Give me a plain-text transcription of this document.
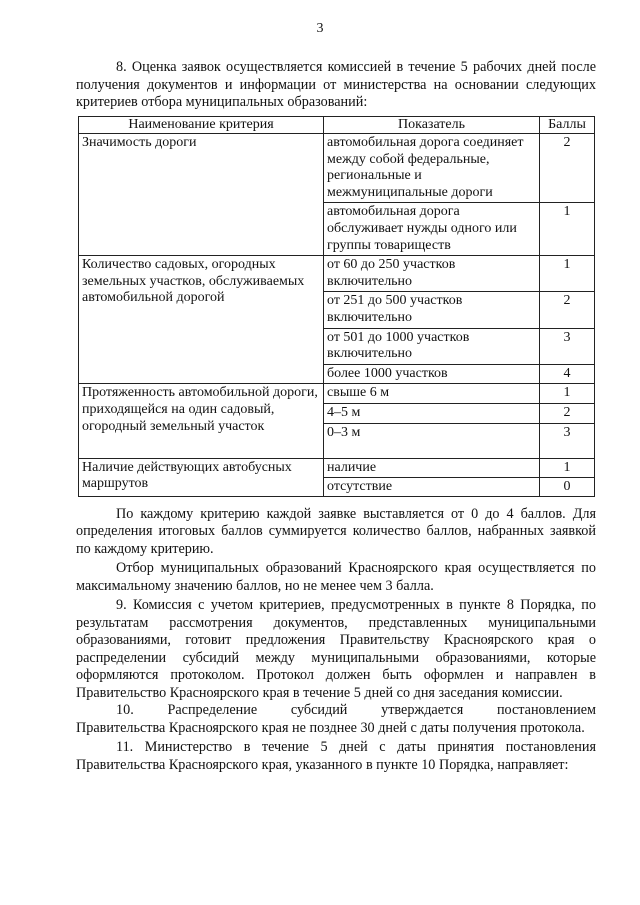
3

8. Оценка заявок осуществляется комиссией в течение 5 рабочих дней после получения документов и информации от министерства на основании следующих критериев отбора муниципальных образований:

Наименование критерия	Показатель	Баллы
Значимость дороги	автомобильная дорога соединяет между собой федеральные, региональные и межмуниципальные дороги	2
	автомобильная дорога обслуживает нужды одного или группы товариществ	1
Количество садовых, огородных земельных участков, обслуживаемых автомобильной дорогой	от 60 до 250 участков включительно	1
	от 251 до 500 участков включительно	2
	от 501 до 1000 участков включительно	3
	более 1000 участков	4
Протяженность автомобильной дороги, приходящейся на один садовый, огородный земельный участок	свыше 6 м	1
	4–5 м	2
	0–3 м	3
Наличие действующих автобусных маршрутов	наличие	1
	отсутствие	0

По каждому критерию каждой заявке выставляется от 0 до 4 баллов. Для определения итоговых баллов суммируется количество баллов, набранных заявкой по каждому критерию.

Отбор муниципальных образований Красноярского края осуществляется по максимальному значению баллов, но не менее чем 3 балла.

9. Комиссия с учетом критериев, предусмотренных в пункте 8 Порядка, по результатам рассмотрения документов, представленных муниципальными образованиями, готовит предложения Правительству Красноярского края о распределении субсидий между муниципальными образованиями, которые оформляются протоколом. Протокол должен быть оформлен и направлен в Правительство Красноярского края в течение 5 дней со дня заседания комиссии.

10.       Распределение       субсидий       утверждается       постановлением Правительства Красноярского края не позднее 30 дней с даты получения протокола.

11. Министерство в течение 5 дней с даты принятия постановления Правительства Красноярского края, указанного в пункте 10 Порядка, направляет:
